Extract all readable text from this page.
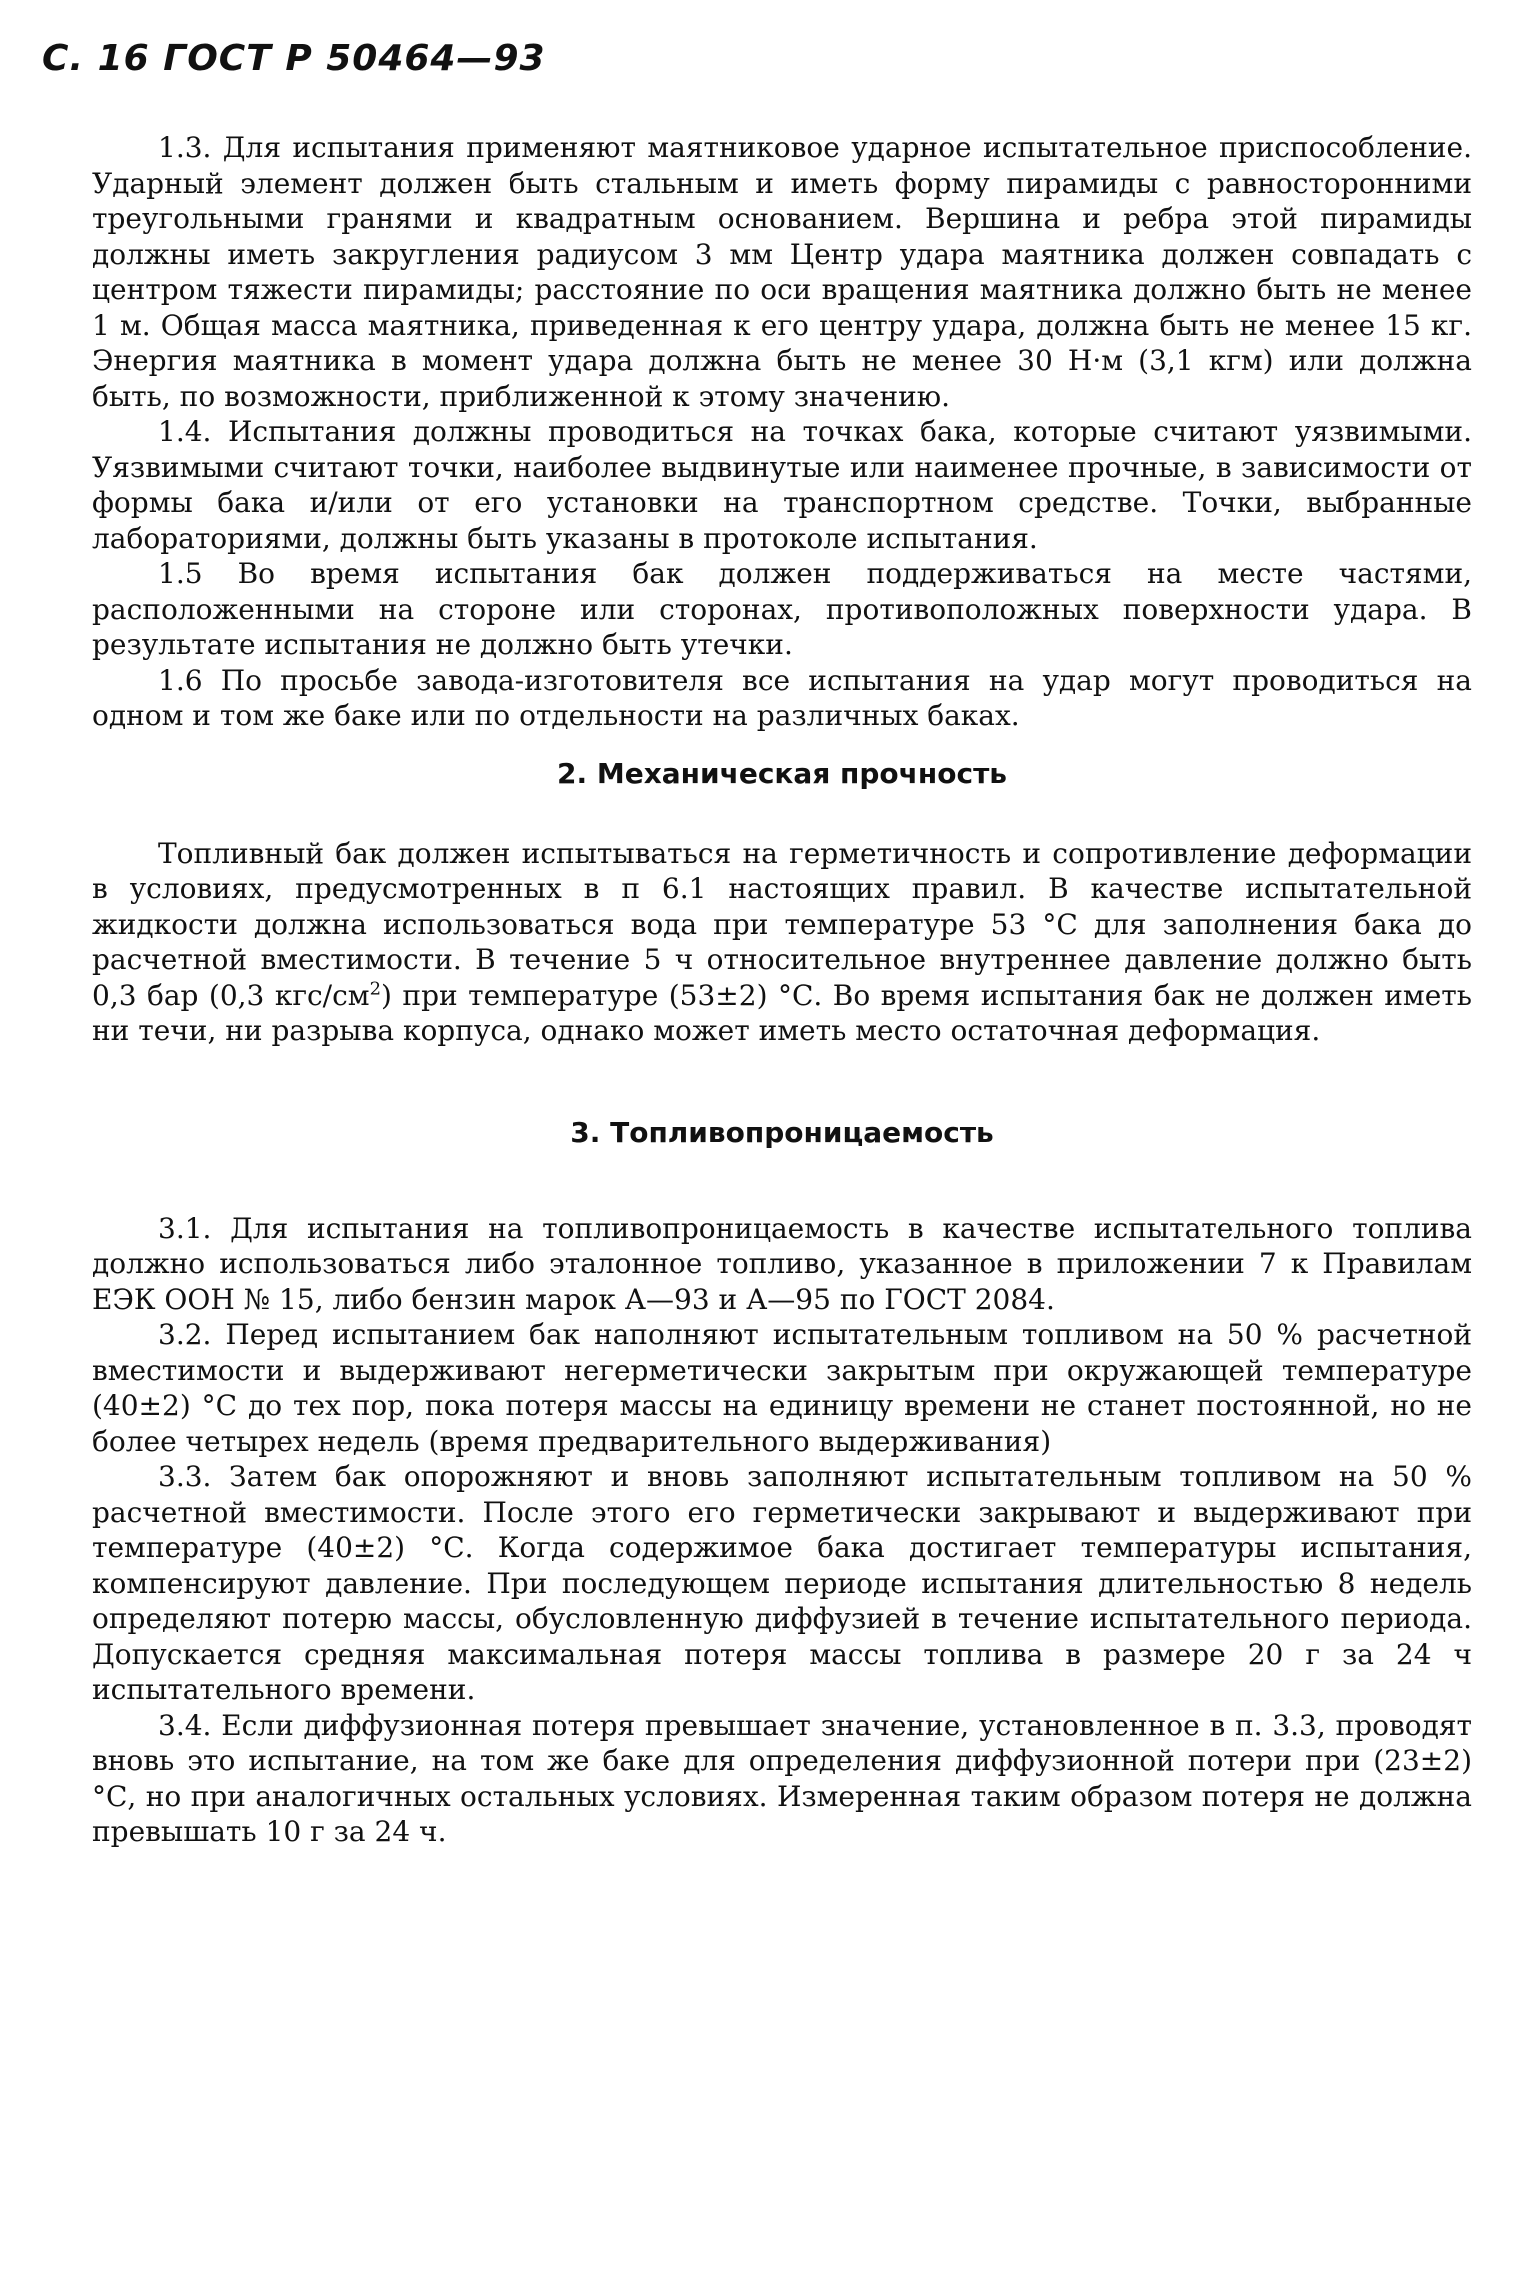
С. 16 ГОСТ Р 50464—93

1.3. Для испытания применяют маятниковое ударное испытательное приспособление. Ударный элемент должен быть стальным и иметь форму пирамиды с равносторонними треугольными гранями и квадратным основанием. Вершина и ребра этой пирамиды должны иметь закругления радиусом 3 мм Центр удара маятника должен совпадать с центром тяжести пирамиды; расстояние по оси вращения маятника должно быть не менее 1 м. Общая масса маятника, приведенная к его центру удара, должна быть не менее 15 кг. Энергия маятника в момент удара должна быть не менее 30 Н·м (3,1 кгм) или должна быть, по возможности, приближенной к этому значению.

1.4. Испытания должны проводиться на точках бака, которые считают уязвимыми. Уязвимыми считают точки, наиболее выдвинутые или наименее прочные, в зависимости от формы бака и/или от его установки на транспортном средстве. Точки, выбранные лабораториями, должны быть указаны в протоколе испытания.

1.5 Во время испытания бак должен поддерживаться на месте частями, расположенными на стороне или сторонах, противоположных поверхности удара. В результате испытания не должно быть утечки.

1.6 По просьбе завода-изготовителя все испытания на удар могут проводиться на одном и том же баке или по отдельности на различных баках.

2. Механическая прочность

Топливный бак должен испытываться на герметичность и сопротивление деформации в условиях, предусмотренных в п 6.1 настоящих правил. В качестве испытательной жидкости должна использоваться вода при температуре 53 °С для заполнения бака до расчетной вместимости. В течение 5 ч относительное внутреннее давление должно быть 0,3 бар (0,3 кгс/$см^2$) при температуре (53±2) °С. Во время испытания бак не должен иметь ни течи, ни разрыва корпуса, однако может иметь место остаточная деформация.

3. Топливопроницаемость

3.1. Для испытания на топливопроницаемость в качестве испытательного топлива должно использоваться либо эталонное топливо, указанное в приложении 7 к Правилам ЕЭК ООН № 15, либо бензин марок А—93 и А—95 по ГОСТ 2084.

3.2. Перед испытанием бак наполняют испытательным топливом на 50 % расчетной вместимости и выдерживают негерметически закрытым при окружающей температуре (40±2) °С до тех пор, пока потеря массы на единицу времени не станет постоянной, но не более четырех недель (время предварительного выдерживания)

3.3. Затем бак опорожняют и вновь заполняют испытательным топливом на 50 % расчетной вместимости. После этого его герметически закрывают и выдерживают при температуре (40±2) °С. Когда содержимое бака достигает температуры испытания, компенсируют давление. При последующем периоде испытания длительностью 8 недель определяют потерю массы, обусловленную диффузией в течение испытательного периода. Допускается средняя максимальная потеря массы топлива в размере 20 г за 24 ч испытательного времени.

3.4. Если диффузионная потеря превышает значение, установленное в п. 3.3, проводят вновь это испытание, на том же баке для определения диффузионной потери при (23±2) °С, но при аналогичных остальных условиях. Измеренная таким образом потеря не должна превышать 10 г за 24 ч.
